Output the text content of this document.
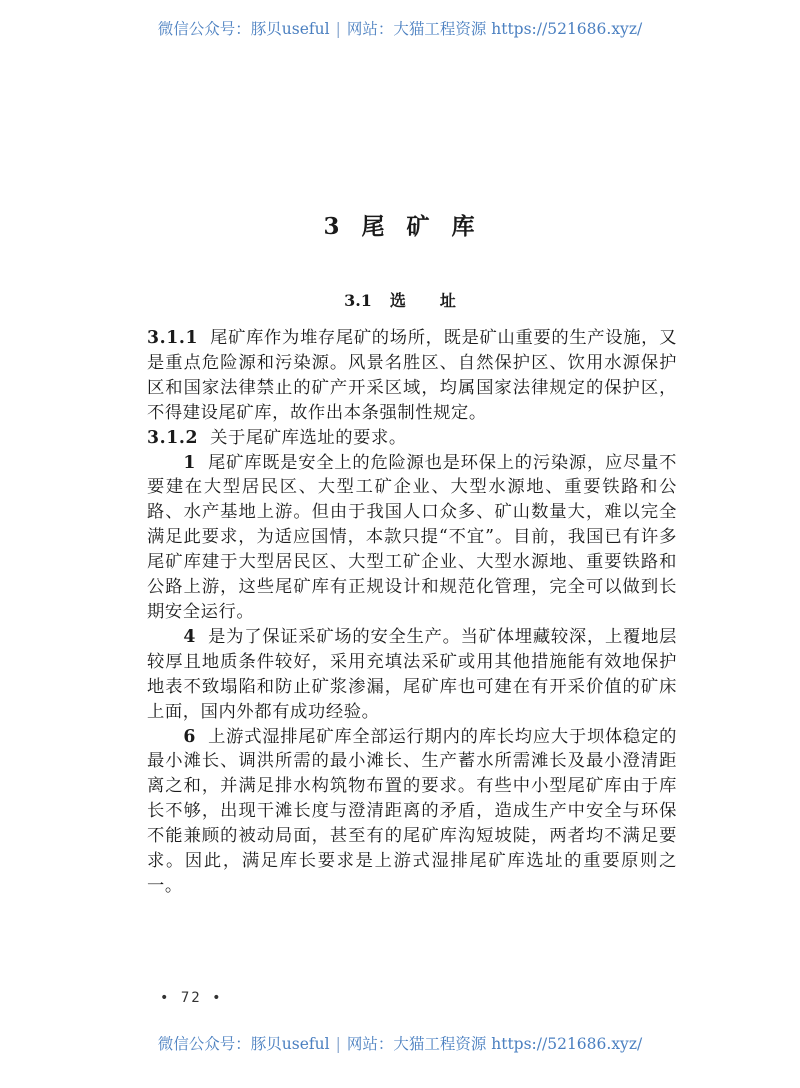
微信公众号：豚贝useful | 网站：大猫工程资源 https://521686.xyz/
3 尾 矿 库
3.1 选 址

3.1.1 尾矿库作为堆存尾矿的场所，既是矿山重要的生产设施，又是重点危险源和污染源。风景名胜区、自然保护区、饮用水源保护区和国家法律禁止的矿产开采区域，均属国家法律规定的保护区，不得建设尾矿库，故作出本条强制性规定。

3.1.2 关于尾矿库选址的要求。

1 尾矿库既是安全上的危险源也是环保上的污染源，应尽量不要建在大型居民区、大型工矿企业、大型水源地、重要铁路和公路、水产基地上游。但由于我国人口众多、矿山数量大，难以完全满足此要求，为适应国情，本款只提“不宜”。目前，我国已有许多尾矿库建于大型居民区、大型工矿企业、大型水源地、重要铁路和公路上游，这些尾矿库有正规设计和规范化管理，完全可以做到长期安全运行。

4 是为了保证采矿场的安全生产。当矿体埋藏较深，上覆地层较厚且地质条件较好，采用充填法采矿或用其他措施能有效地保护地表不致塌陷和防止矿浆渗漏，尾矿库也可建在有开采价值的矿床上面，国内外都有成功经验。

6 上游式湿排尾矿库全部运行期内的库长均应大于坝体稳定的最小滩长、调洪所需的最小滩长、生产蓄水所需滩长及最小澄清距离之和，并满足排水构筑物布置的要求。有些中小型尾矿库由于库长不够，出现干滩长度与澄清距离的矛盾，造成生产中安全与环保不能兼顾的被动局面，甚至有的尾矿库沟短坡陡，两者均不满足要求。因此，满足库长要求是上游式湿排尾矿库选址的重要原则之一。

• 72 •
微信公众号：豚贝useful | 网站：大猫工程资源 https://521686.xyz/
